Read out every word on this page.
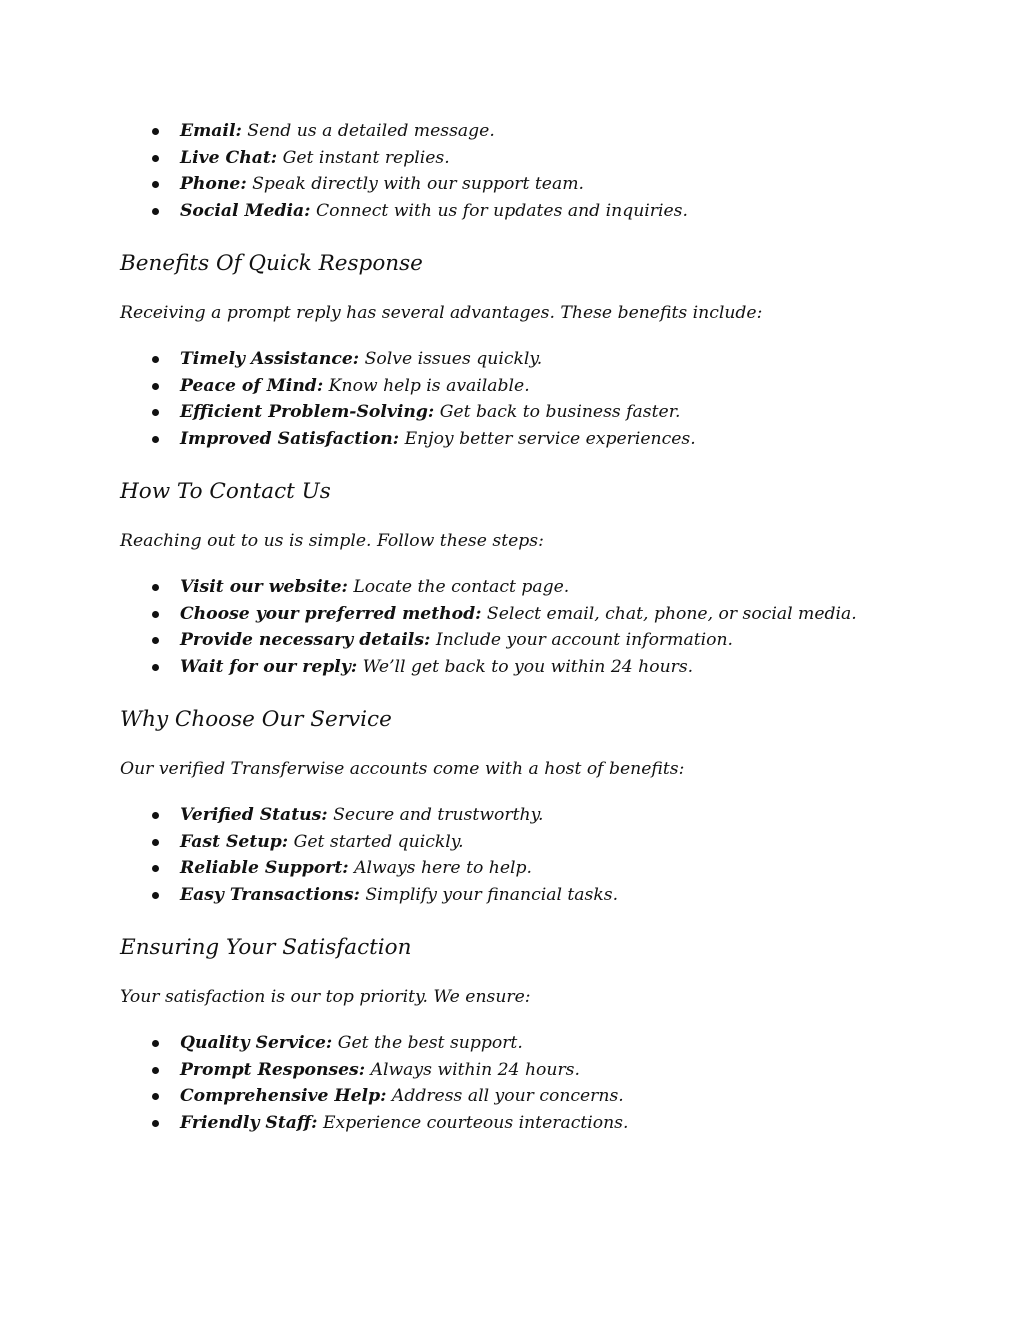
Email: Send us a detailed message.
Live Chat: Get instant replies.
Phone: Speak directly with our support team.
Social Media: Connect with us for updates and inquiries.
Benefits Of Quick Response

Receiving a prompt reply has several advantages. These benefits include:

Timely Assistance: Solve issues quickly.
Peace of Mind: Know help is available.
Efficient Problem-Solving: Get back to business faster.
Improved Satisfaction: Enjoy better service experiences.
How To Contact Us

Reaching out to us is simple. Follow these steps:

Visit our website: Locate the contact page.
Choose your preferred method: Select email, chat, phone, or social media.
Provide necessary details: Include your account information.
Wait for our reply: We’ll get back to you within 24 hours.
Why Choose Our Service

Our verified Transferwise accounts come with a host of benefits:

Verified Status: Secure and trustworthy.
Fast Setup: Get started quickly.
Reliable Support: Always here to help.
Easy Transactions: Simplify your financial tasks.
Ensuring Your Satisfaction

Your satisfaction is our top priority. We ensure:

Quality Service: Get the best support.
Prompt Responses: Always within 24 hours.
Comprehensive Help: Address all your concerns.
Friendly Staff: Experience courteous interactions.
